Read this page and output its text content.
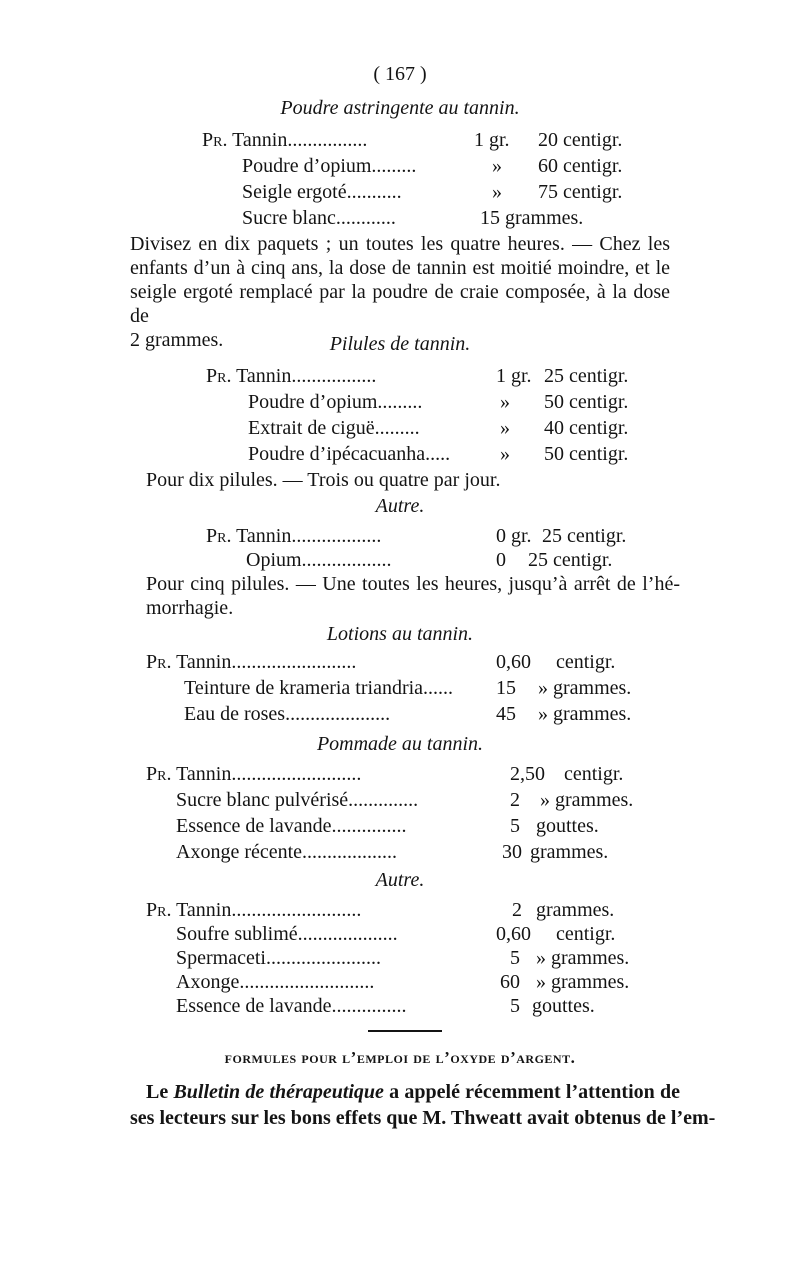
( 167 )
Poudre astringente au tannin.
Pr. Tannin................	1 gr. 20 centigr.
Poudre d’opium.........	» 60 centigr.
Seigle ergoté...........	» 75 centigr.
Sucre blanc............	15 grammes.
Divisez en dix paquets ; un toutes les quatre heures. — Chez les
enfants d’un à cinq ans, la dose de tannin est moitié moindre, et le
seigle ergoté remplacé par la poudre de craie composée, à la dose de
2 grammes.	Pilules de tannin.
Pr. Tannin.................	1 gr. 25 centigr.
Poudre d’opium.........	» 50 centigr.
Extrait de ciguë.........	» 40 centigr.
Poudre d’ipécacuanha.....	» 50 centigr.
Pour dix pilules. — Trois ou quatre par jour.
Autre.
Pr. Tannin..................	0 gr. 25 centigr.
Opium..................	0 25 centigr.
Pour cinq pilules. — Une toutes les heures, jusqu’à arrêt de l’hé-
morrhagie.
Lotions au tannin.
Pr. Tannin.........................	0,60 centigr.
Teinture de krameria triandria......	15 » grammes.
Eau de roses.....................	45 » grammes.
Pommade au tannin.
Pr. Tannin..........................	2,50 centigr.
Sucre blanc pulvérisé..............	2 » grammes.
Essence de lavande...............	5 gouttes.
Axonge récente...................	30 grammes.
Autre.
Pr. Tannin..........................	2 grammes.
Soufre sublimé....................	0,60 centigr.
Spermaceti.......................	5 » grammes.
Axonge...........................	60 » grammes.
Essence de lavande...............	5 gouttes.
formules pour l’emploi de l’oxyde d’argent.
Le Bulletin de thérapeutique a appelé récemment l’attention de
ses lecteurs sur les bons effets que M. Thweatt avait obtenus de l’em-
